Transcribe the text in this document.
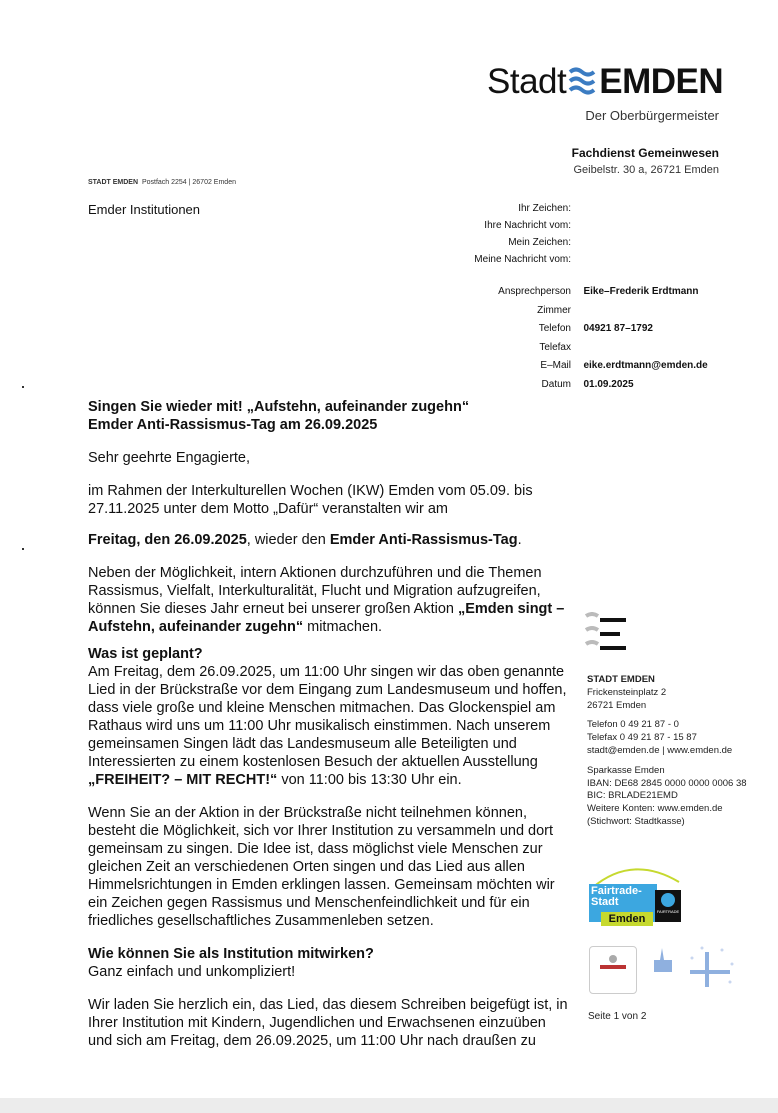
Stadt EMDEN
Der Oberbürgermeister
Fachdienst Gemeinwesen
Geibelstr. 30 a, 26721 Emden
STADT EMDEN Postfach 2254 | 26702 Emden
Emder Institutionen	Ihr Zeichen:
Ihre Nachricht vom:
Mein Zeichen:
Meine Nachricht vom:
Ansprechperson Eike–Frederik Erdtmann
Zimmer
Telefon 04921 87–1792
Telefax
E–Mail eike.erdtmann@emden.de
Datum 01.09.2025
Singen Sie wieder mit! „Aufstehn, aufeinander zugehn“
Emder Anti-Rassismus-Tag am 26.09.2025
Sehr geehrte Engagierte,
im Rahmen der Interkulturellen Wochen (IKW) Emden vom 05.09. bis
27.11.2025 unter dem Motto „Dafür“ veranstalten wir am
Freitag, den 26.09.2025, wieder den Emder Anti-Rassismus-Tag.
Neben der Möglichkeit, intern Aktionen durchzuführen und die Themen
Rassismus, Vielfalt, Interkulturalität, Flucht und Migration aufzugreifen,
können Sie dieses Jahr erneut bei unserer großen Aktion „Emden singt –
Aufstehn, aufeinander zugehn“ mitmachen.
Was ist geplant?
Am Freitag, dem 26.09.2025, um 11:00 Uhr singen wir das oben genannte
Lied in der Brückstraße vor dem Eingang zum Landesmuseum und hoffen,
dass viele große und kleine Menschen mitmachen. Das Glockenspiel am
Rathaus wird uns um 11:00 Uhr musikalisch einstimmen. Nach unserem
gemeinsamen Singen lädt das Landesmuseum alle Beteiligten und
Interessierten zu einem kostenlosen Besuch der aktuellen Ausstellung
„FREIHEIT? – MIT RECHT!“ von 11:00 bis 13:30 Uhr ein.
Wenn Sie an der Aktion in der Brückstraße nicht teilnehmen können,
besteht die Möglichkeit, sich vor Ihrer Institution zu versammeln und dort
gemeinsam zu singen. Die Idee ist, dass möglichst viele Menschen zur
gleichen Zeit an verschiedenen Orten singen und das Lied aus allen
Himmelsrichtungen in Emden erklingen lassen. Gemeinsam möchten wir
ein Zeichen gegen Rassismus und Menschenfeindlichkeit und für ein
friedliches gesellschaftliches Zusammenleben setzen.
Wie können Sie als Institution mitwirken?
Ganz einfach und unkompliziert!
Wir laden Sie herzlich ein, das Lied, das diesem Schreiben beigefügt ist, in
Ihrer Institution mit Kindern, Jugendlichen und Erwachsenen einzuüben
und sich am Freitag, dem 26.09.2025, um 11:00 Uhr nach draußen zu
STADT EMDEN
Frickensteinplatz 2
26721 Emden
Telefon 0 49 21 87 - 0
Telefax 0 49 21 87 - 15 87
stadt@emden.de | www.emden.de
Sparkasse Emden
IBAN: DE68 2845 0000 0000 0006 38
BIC: BRLADE21EMD
Weitere Konten: www.emden.de
(Stichwort: Stadtkasse)
Fairtrade-
Stadt
Emden
FAIRTRADE
Seite 1 von 2
